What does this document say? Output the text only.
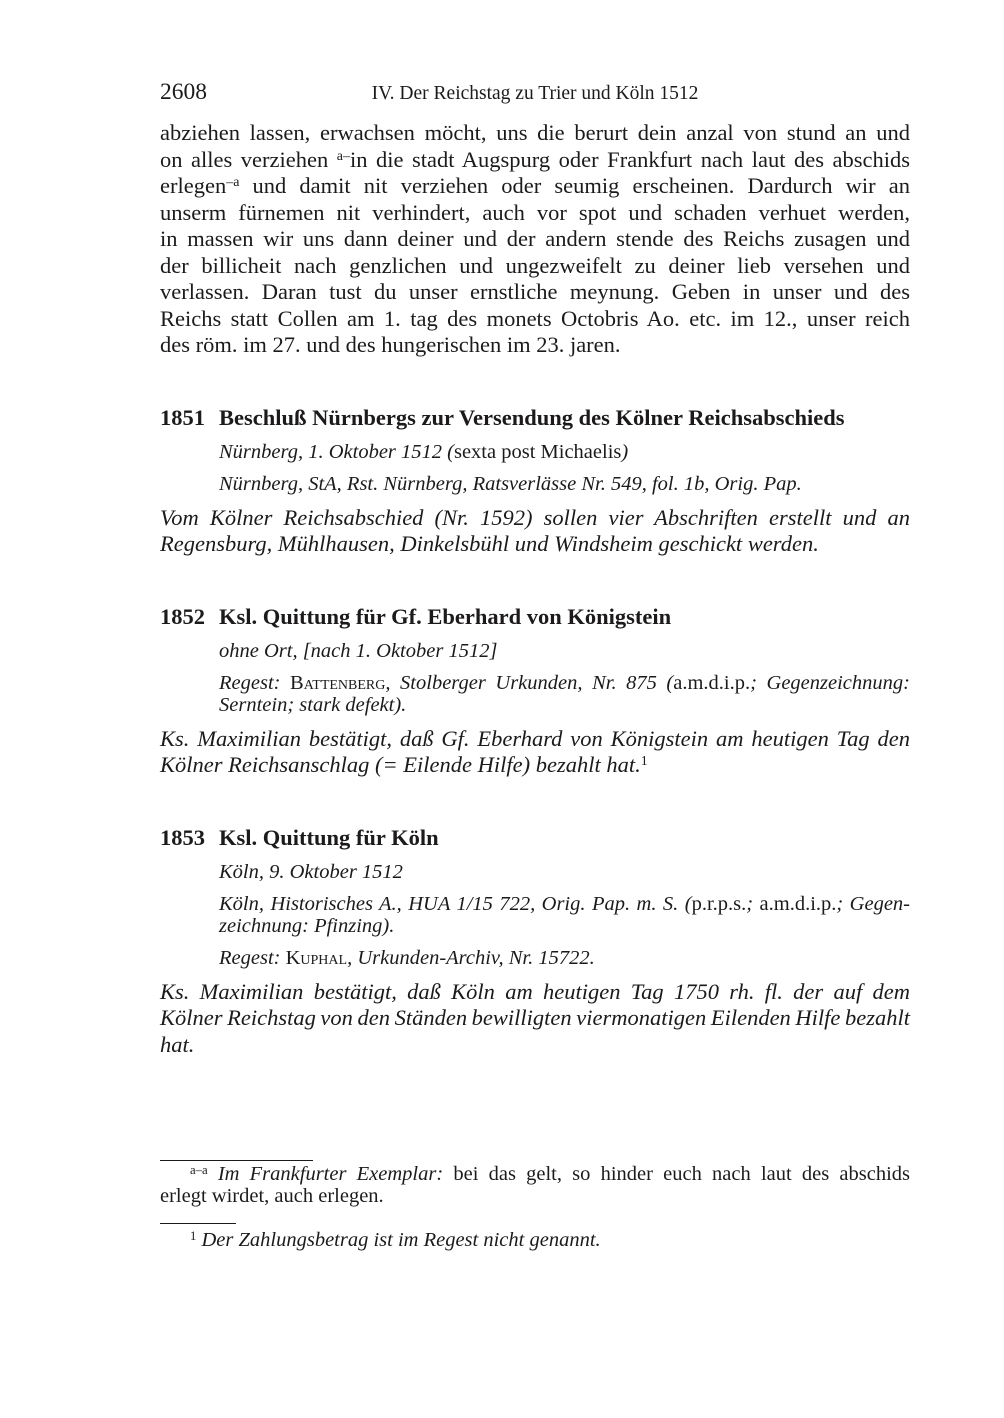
2608	IV. Der Reichstag zu Trier und Köln 1512
abziehen lassen, erwachsen möcht, uns die berurt dein anzal von stund an und
on alles verziehen $^{a-}$in die stadt Augspurg oder Frankfurt nach laut des abschids
erlegen$^{-a}$ und damit nit verziehen oder seumig erscheinen. Dardurch wir an
unserm fürnemen nit verhindert, auch vor spot und schaden verhuet werden,
in massen wir uns dann deiner und der andern stende des Reichs zusagen und
der billicheit nach genzlichen und ungezweifelt zu deiner lieb versehen und
verlassen. Daran tust du unser ernstliche meynung. Geben in unser und des
Reichs statt Collen am 1. tag des monets Octobris Ao. etc. im 12., unser reich
des röm. im 27. und des hungerischen im 23. jaren.
1851 Beschluß Nürnbergs zur Versendung des Kölner Reichsabschieds
Nürnberg, 1. Oktober 1512 (sexta post Michaelis)
Nürnberg, StA, Rst. Nürnberg, Ratsverlässe Nr. 549, fol. 1b, Orig. Pap.
Vom Kölner Reichsabschied (Nr. 1592) sollen vier Abschriften erstellt und an
Regensburg, Mühlhausen, Dinkelsbühl und Windsheim geschickt werden.
1852 Ksl. Quittung für Gf. Eberhard von Königstein
ohne Ort, [nach 1. Oktober 1512]
Regest: Battenberg, Stolberger Urkunden, Nr. 875 (a.m.d.i.p.; Gegenzeichnung:
Serntein; stark defekt).
Ks. Maximilian bestätigt, daß Gf. Eberhard von Königstein am heutigen Tag den
Kölner Reichsanschlag (= Eilende Hilfe) bezahlt hat.$^1$
1853 Ksl. Quittung für Köln
Köln, 9. Oktober 1512
Köln, Historisches A., HUA 1/15 722, Orig. Pap. m. S. (p.r.p.s.; a.m.d.i.p.; Gegen-
zeichnung: Pfinzing).
Regest: Kuphal, Urkunden-Archiv, Nr. 15722.
Ks. Maximilian bestätigt, daß Köln am heutigen Tag 1750 rh. fl. der auf dem
Kölner Reichstag von den Ständen bewilligten viermonatigen Eilenden Hilfe bezahlt
hat.
$^{a-a}$ Im Frankfurter Exemplar: bei das gelt, so hinder euch nach laut des abschids
erlegt wirdet, auch erlegen.
$^1$ Der Zahlungsbetrag ist im Regest nicht genannt.
